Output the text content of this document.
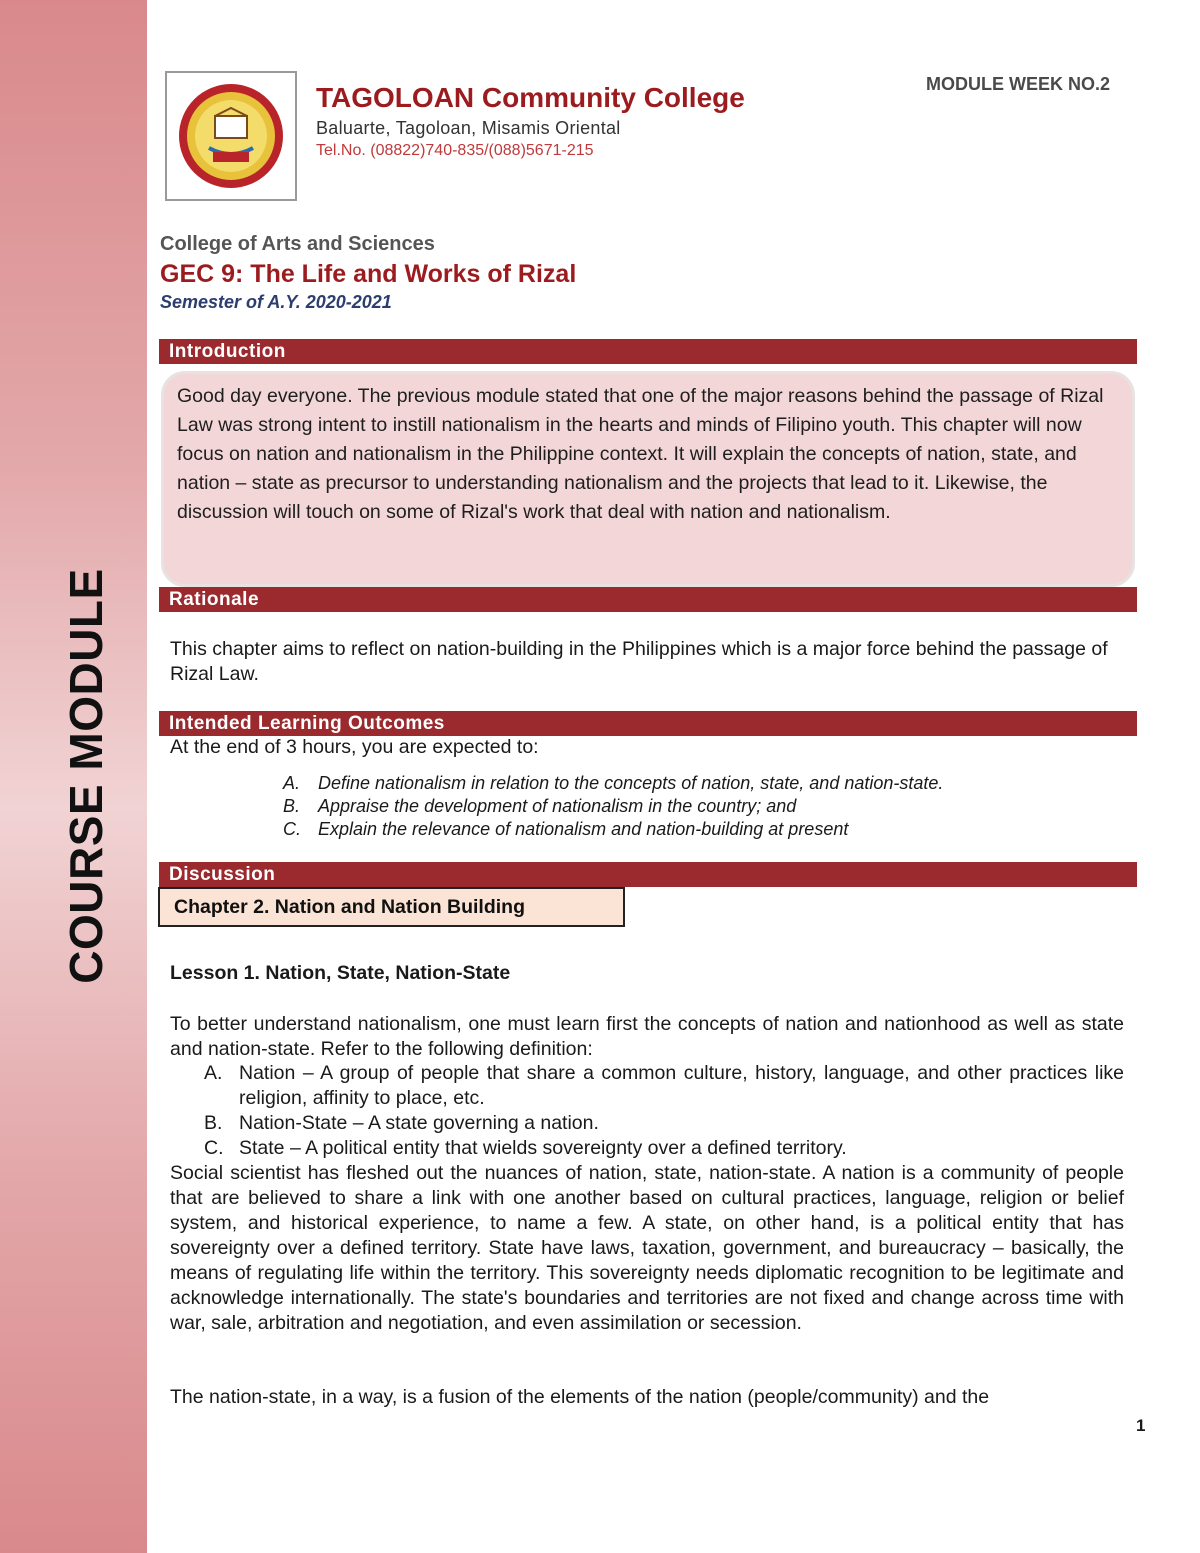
COURSE MODULE
TAGOLOAN Community College
Baluarte, Tagoloan, Misamis Oriental
Tel.No. (08822)740-835/(088)5671-215
MODULE WEEK NO.2
College of Arts and Sciences
GEC 9: The Life and Works of Rizal
Semester of A.Y. 2020-2021
Introduction
Good day everyone. The previous module stated that one of the major reasons behind the passage of Rizal Law was strong intent to instill nationalism in the hearts and minds of Filipino youth. This chapter will now focus on nation and nationalism in the Philippine context. It will explain the concepts of nation, state, and nation – state as precursor to understanding nationalism and the projects that lead to it. Likewise, the discussion will touch on some of Rizal's work that deal with nation and nationalism.
Rationale
This chapter aims to reflect on nation-building in the Philippines which is a major force behind the passage of Rizal Law.
Intended Learning Outcomes
At the end of 3 hours, you are expected to:
A. Define nationalism in relation to the concepts of nation, state, and nation-state.
B. Appraise the development of nationalism in the country; and
C. Explain the relevance of nationalism and nation-building at present
Discussion
Chapter 2. Nation and Nation Building
Lesson 1. Nation, State, Nation-State
To better understand nationalism, one must learn first the concepts of nation and nationhood as well as state and nation-state. Refer to the following definition:
A. Nation – A group of people that share a common culture, history, language, and other practices like religion, affinity to place, etc.
B. Nation-State – A state governing a nation.
C. State – A political entity that wields sovereignty over a defined territory.
Social scientist has fleshed out the nuances of nation, state, nation-state. A nation is a community of people that are believed to share a link with one another based on cultural practices, language, religion or belief system, and historical experience, to name a few. A state, on other hand, is a political entity that has sovereignty over a defined territory. State have laws, taxation, government, and bureaucracy – basically, the means of regulating life within the territory. This sovereignty needs diplomatic recognition to be legitimate and acknowledge internationally. The state's boundaries and territories are not fixed and change across time with war, sale, arbitration and negotiation, and even assimilation or secession.
The nation-state, in a way, is a fusion of the elements of the nation (people/community) and the
1
